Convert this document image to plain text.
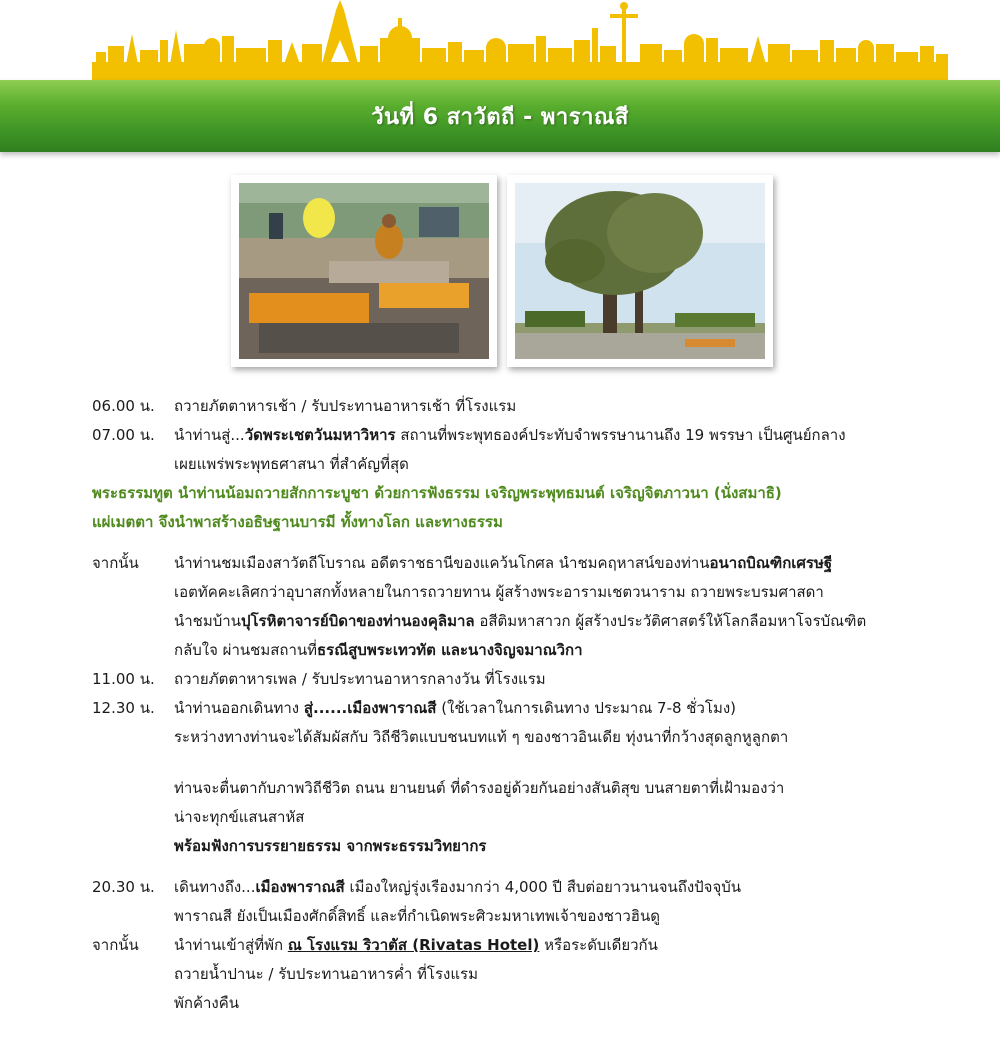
วันที่ 6 สาวัตถี - พาราณสี
06.00 น.	ถวายภัตตาหารเช้า / รับประทานอาหารเช้า ที่โรงแรม
07.00 น.	นำท่านสู่...วัดพระเชตวันมหาวิหาร สถานที่พระพุทธองค์ประทับจำพรรษานานถึง 19 พรรษา เป็นศูนย์กลาง
เผยแพร่พระพุทธศาสนา ที่สำคัญที่สุด
พระธรรมทูต นำท่านน้อมถวายสักการะบูชา ด้วยการฟังธรรม เจริญพระพุทธมนต์ เจริญจิตภาวนา (นั่งสมาธิ)
แผ่เมตตา จึงนำพาสร้างอธิษฐานบารมี ทั้งทางโลก และทางธรรม
จากนั้น	นำท่านชมเมืองสาวัตถีโบราณ อดีตราชธานีของแคว้นโกศล นำชมคฤหาสน์ของท่านอนาถบิณฑิกเศรษฐี
เอตทัคคะเลิศกว่าอุบาสกทั้งหลายในการถวายทาน ผู้สร้างพระอารามเชตวนาราม ถวายพระบรมศาสดา
นำชมบ้านปุโรหิตาจารย์บิดาของท่านองคุลิมาล อสีติมหาสาวก ผู้สร้างประวัติศาสตร์ให้โลกลือมหาโจรบัณฑิต
กลับใจ ผ่านชมสถานที่ธรณีสูบพระเทวทัต และนางจิญจมาณวิกา
11.00 น.	ถวายภัตตาหารเพล / รับประทานอาหารกลางวัน ที่โรงแรม
12.30 น.	นำท่านออกเดินทาง สู่......เมืองพาราณสี (ใช้เวลาในการเดินทาง ประมาณ 7-8 ชั่วโมง)
ระหว่างทางท่านจะได้สัมผัสกับ วิถีชีวิตแบบชนบทแท้ ๆ ของชาวอินเดีย ทุ่งนาที่กว้างสุดลูกหูลูกตา
ท่านจะตื่นตากับภาพวิถีชีวิต ถนน ยานยนต์ ที่ดำรงอยู่ด้วยกันอย่างสันติสุข บนสายตาที่เฝ้ามองว่า
น่าจะทุกข์แสนสาหัส
พร้อมฟังการบรรยายธรรม จากพระธรรมวิทยากร
20.30 น.	เดินทางถึง...เมืองพาราณสี เมืองใหญ่รุ่งเรืองมากว่า 4,000 ปี สืบต่อยาวนานจนถึงปัจจุบัน
พาราณสี ยังเป็นเมืองศักดิ์สิทธิ์ และที่กำเนิดพระศิวะมหาเทพเจ้าของชาวฮินดู
จากนั้น	นำท่านเข้าสู่ที่พัก ณ โรงแรม ริวาตัส (Rivatas Hotel) หรือระดับเดียวกัน
ถวายน้ำปานะ / รับประทานอาหารค่ำ ที่โรงแรม
พักค้างคืน
